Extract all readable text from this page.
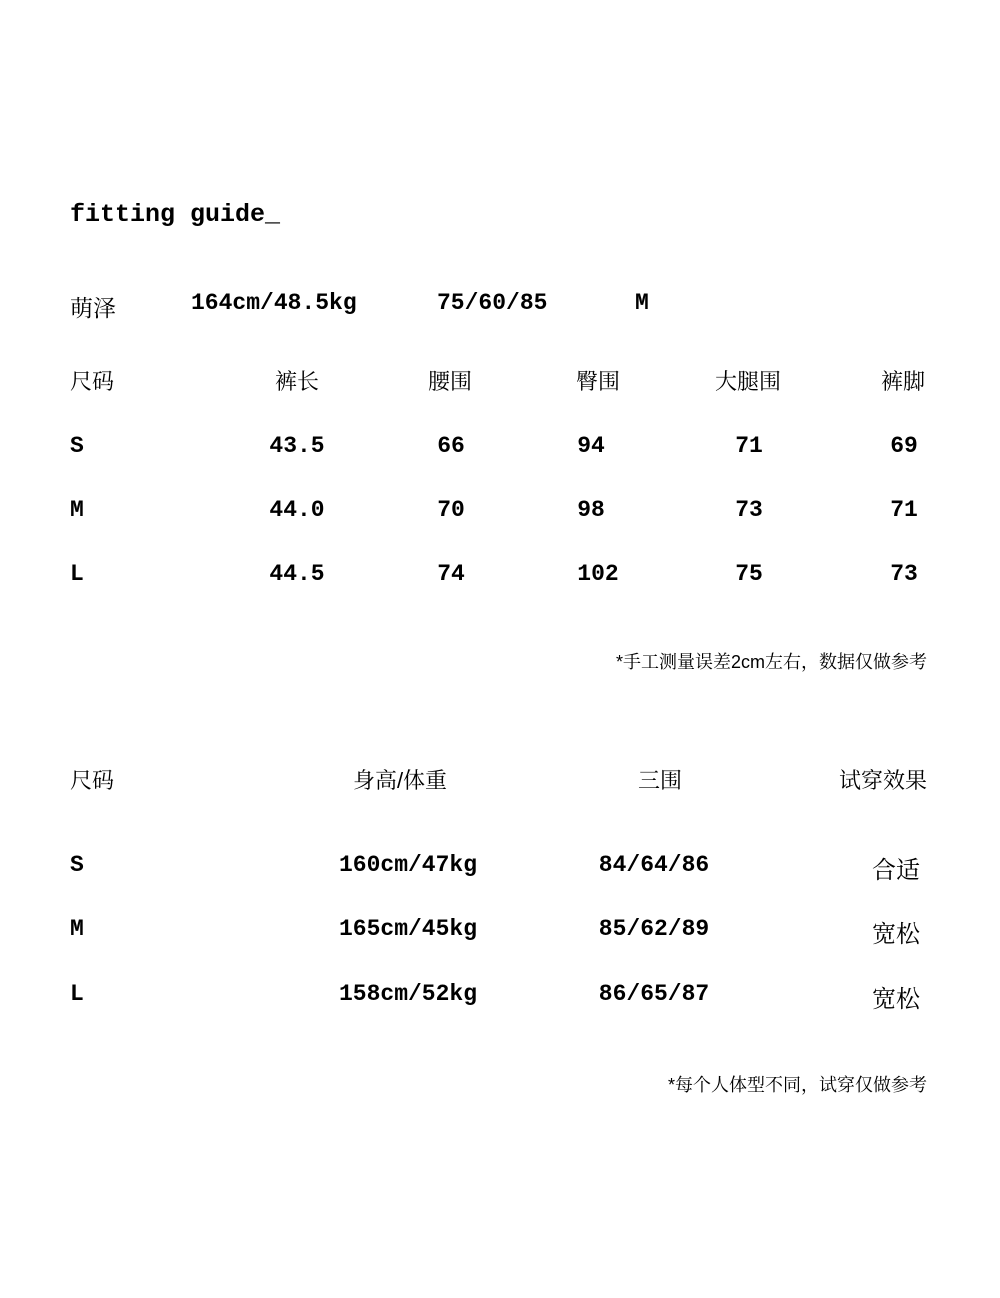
fitting guide_
萌泽	164cm/48.5kg	75/60/85	M
尺码	裤长	腰围	臀围	大腿围	裤脚
S	43.5	66	94	71	69
M	44.0	70	98	73	71
L	44.5	74	102	75	73
*手工测量误差2cm左右，数据仅做参考
尺码	身高/体重	三围	试穿效果
S	160cm/47kg	84/64/86	合适
M	165cm/45kg	85/62/89	宽松
L	158cm/52kg	86/65/87	宽松
*每个人体型不同，试穿仅做参考
